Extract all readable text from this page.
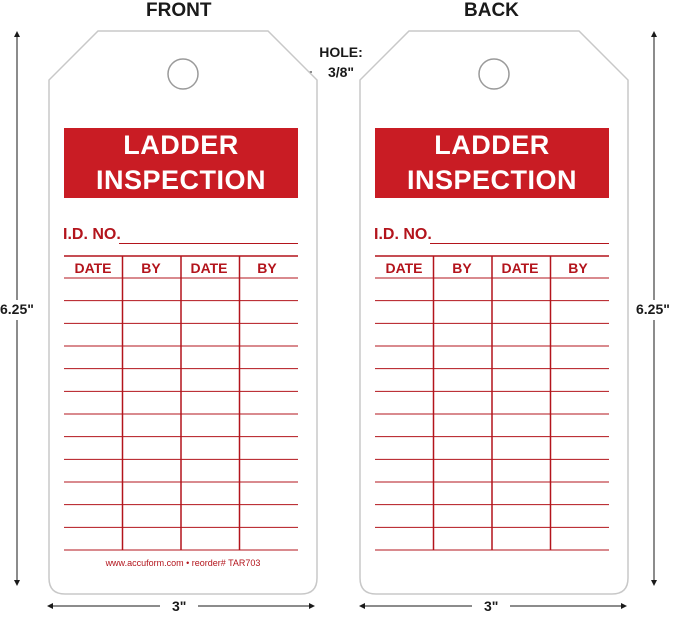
FRONT	BACK
6.25"	6.25"
3"	3"
HOLE:
3/8"
LADDER
INSPECTION
I.D. NO.
DATE	BY	DATE	BY
www.accuform.com • reorder# TAR703
LADDER
INSPECTION
I.D. NO.
DATE	BY	DATE	BY
